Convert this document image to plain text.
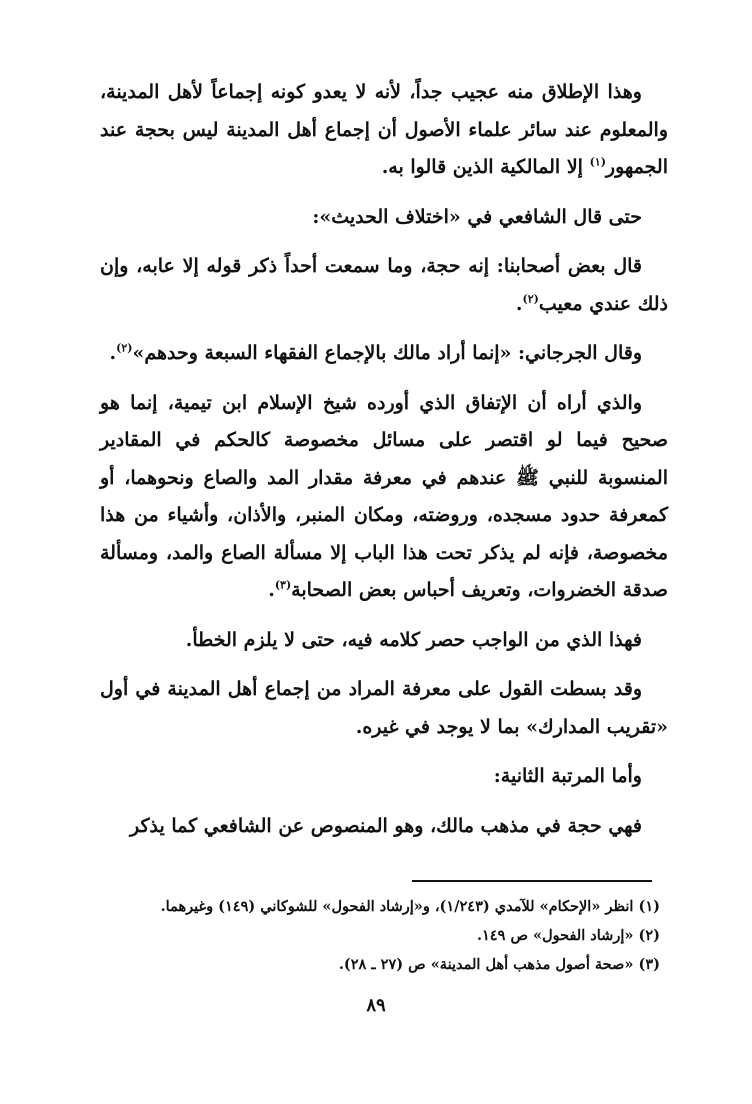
وهذا الإطلاق منه عجيب جداً، لأنه لا يعدو كونه إجماعاً لأهل المدينة، والمعلوم عند سائر علماء الأصول أن إجماع أهل المدينة ليس بحجة عند الجمهور$^{(١)}$ إلا المالكية الذين قالوا به.

حتى قال الشافعي في «اختلاف الحديث»:

قال بعض أصحابنا: إنه حجة، وما سمعت أحداً ذكر قوله إلا عابه، وإن ذلك عندي معيب$^{(٢)}$.

وقال الجرجاني: «إنما أراد مالك بالإجماع الفقهاء السبعة وحدهم»$^{(٢)}$.

والذي أراه أن الإتفاق الذي أورده شيخ الإسلام ابن تيمية، إنما هو صحيح فيما لو اقتصر على مسائل مخصوصة كالحكم في المقادير المنسوبة للنبي ﷺ عندهم في معرفة مقدار المد والصاع ونحوهما، أو كمعرفة حدود مسجده، وروضته، ومكان المنبر، والأذان، وأشياء من هذا مخصوصة، فإنه لم يذكر تحت هذا الباب إلا مسألة الصاع والمد، ومسألة صدقة الخضروات، وتعريف أحباس بعض الصحابة$^{(٣)}$.

فهذا الذي من الواجب حصر كلامه فيه، حتى لا يلزم الخطأ.

وقد بسطت القول على معرفة المراد من إجماع أهل المدينة في أول «تقريب المدارك» بما لا يوجد في غيره.

وأما المرتبة الثانية:

فهي حجة في مذهب مالك، وهو المنصوص عن الشافعي كما يذكر

(١) انظر «الإحكام» للآمدي (١/٢٤٣)، و«إرشاد الفحول» للشوكاني (١٤٩) وغيرهما.
(٢) «إرشاد الفحول» ص ١٤٩.
(٣) «صحة أصول مذهب أهل المدينة» ص (٢٧ ـ ٢٨).
٨٩
